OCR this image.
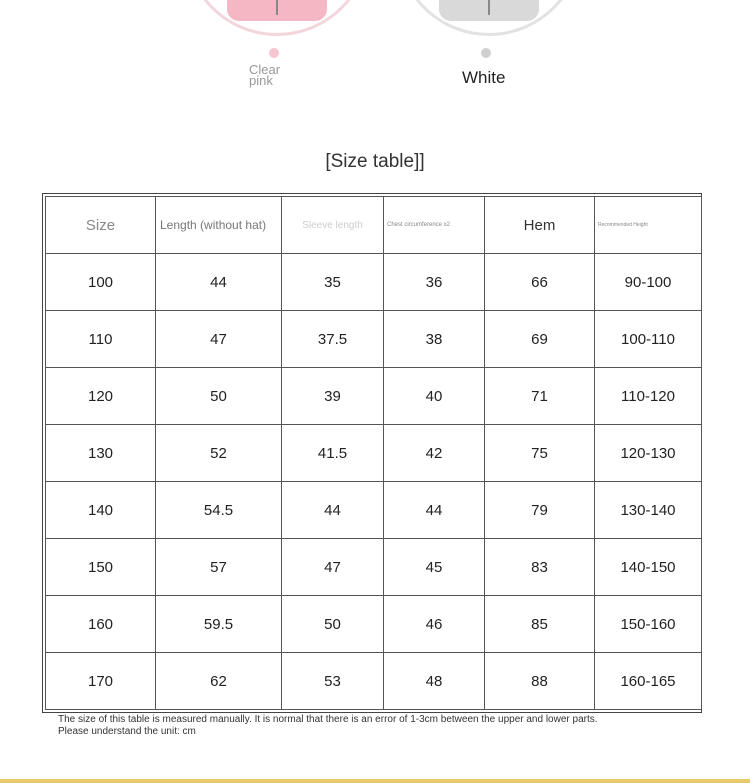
Clear
pink	White
[Size table]]
Size	Length (without hat)	Sleeve length	Chest circumference x2	Hem	Recommended Height
100	44	35	36	66	90-100
110	47	37.5	38	69	100-110
120	50	39	40	71	110-120
130	52	41.5	42	75	120-130
140	54.5	44	44	79	130-140
150	57	47	45	83	140-150
160	59.5	50	46	85	150-160
170	62	53	48	88	160-165
The size of this table is measured manually. It is normal that there is an error of 1-3cm between the upper and lower parts.
Please understand the unit: cm
